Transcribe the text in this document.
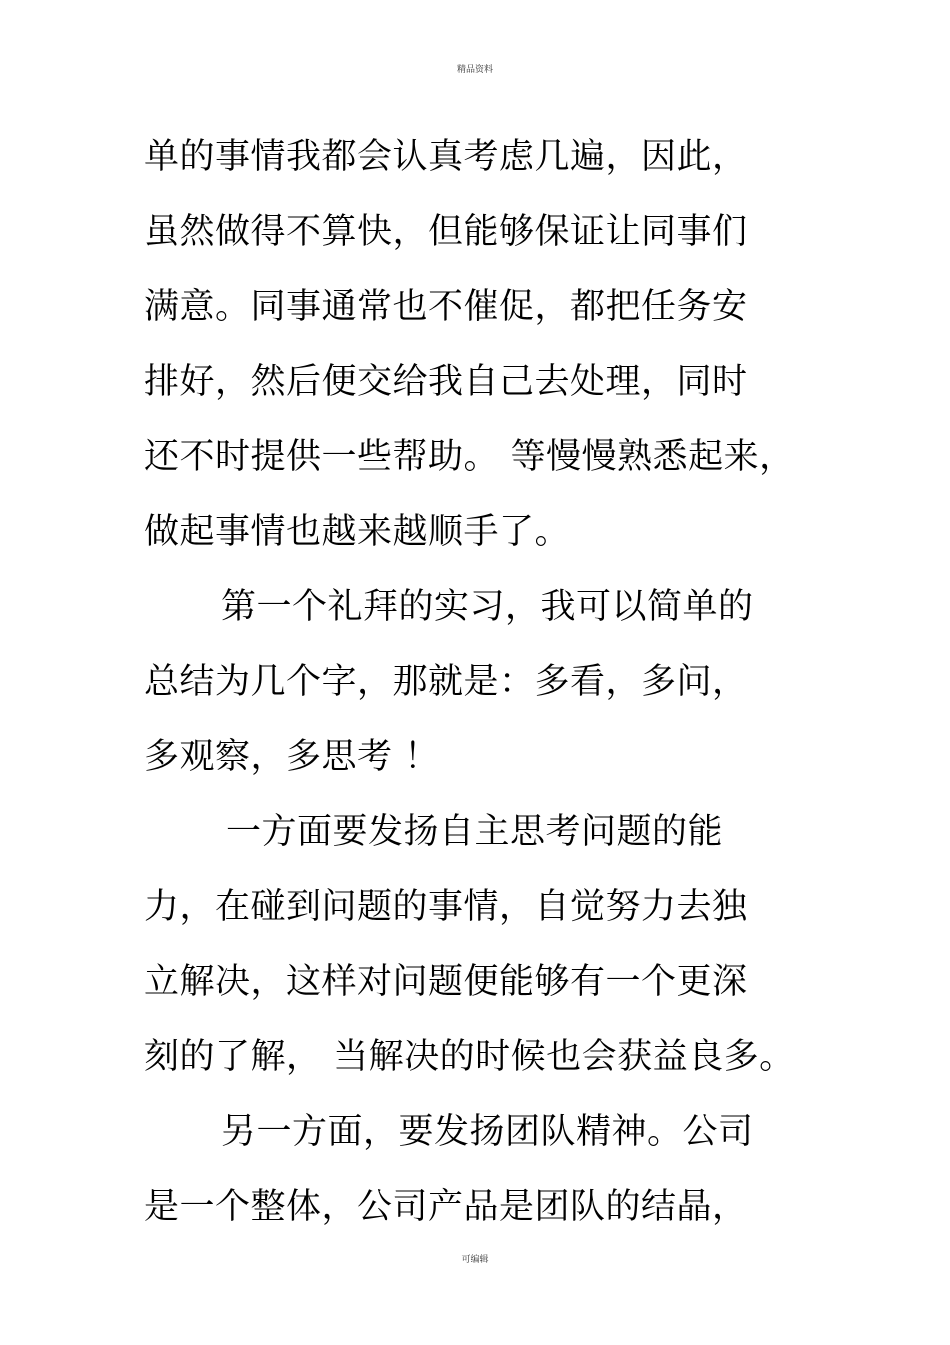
精品资料
单的事情我都会认真考虑几遍，因此，
虽然做得不算快，但能够保证让同事们
满意。同事通常也不催促，都把任务安
排好，然后便交给我自己去处理，同时
还不时提供一些帮助。 等慢慢熟悉起来，
做起事情也越来越顺手了。
第一个礼拜的实习，我可以简单的
总结为几个字，那就是：多看，多问，
多观察，多思考 ！
一方面要发扬自主思考问题的能
力，在碰到问题的事情，自觉努力去独
立解决，这样对问题便能够有一个更深
刻的了解， 当解决的时候也会获益良多。
另一方面，要发扬团队精神。公司
是一个整体，公司产品是团队的结晶，
可编辑
